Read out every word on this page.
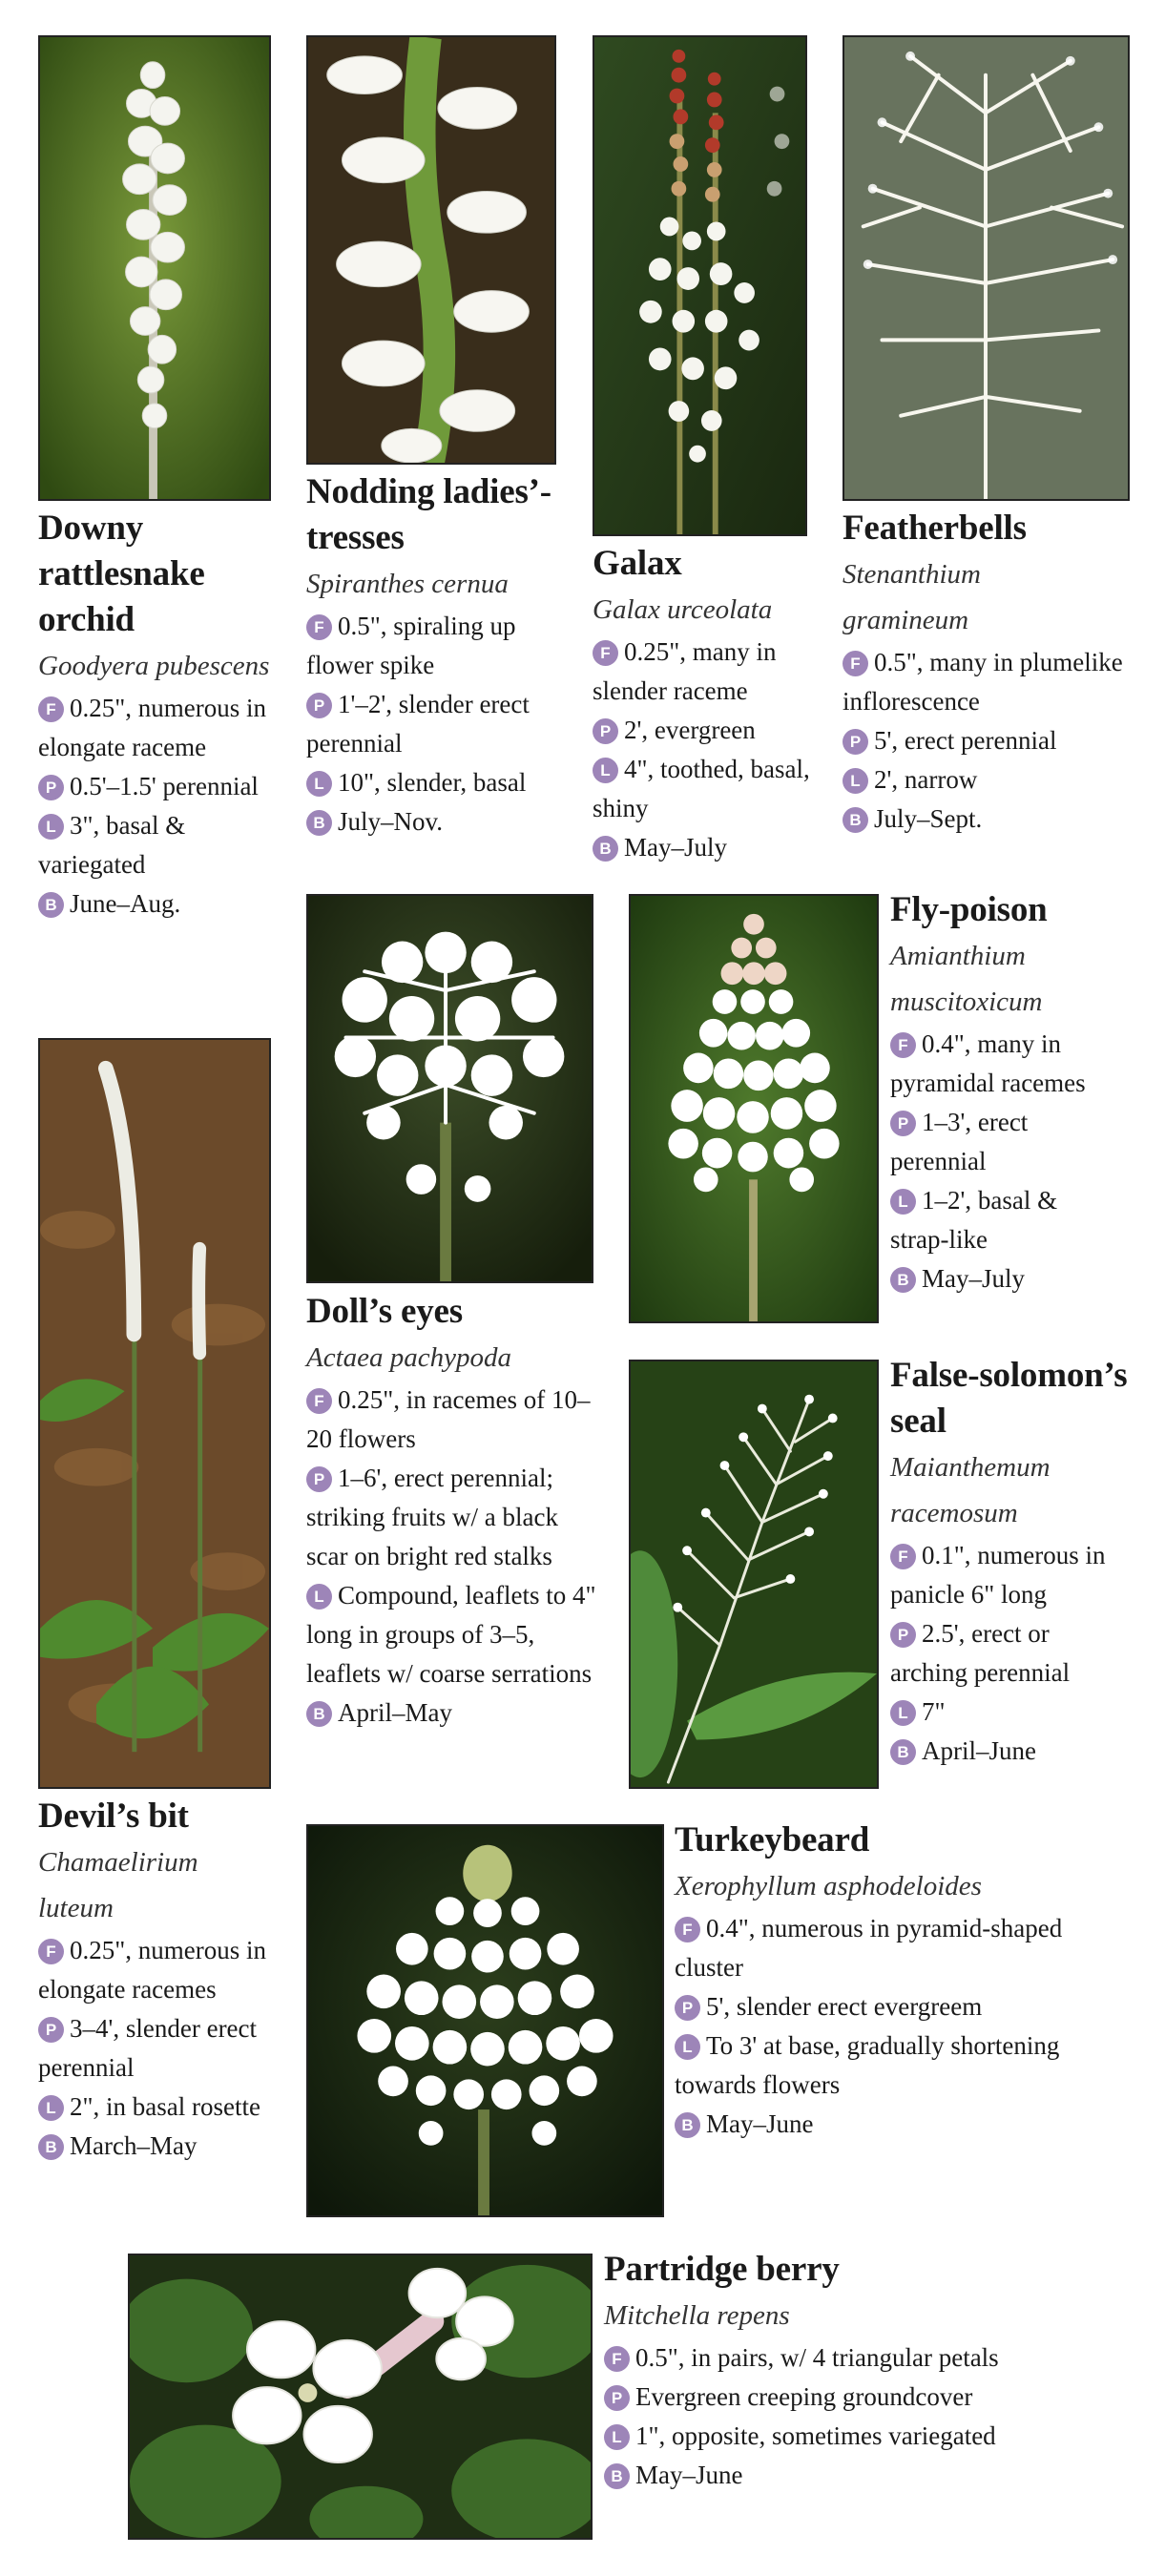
Downy rattlesnake orchid
Goodyera pubescens
F 0.25", numerous in elongate raceme
P 0.5'–1.5' perennial
L 3", basal & variegated
B June–Aug.
Nodding ladies’-tresses
Spiranthes cernua
F 0.5", spiraling up flower spike
P 1'–2', slender erect perennial
L 10", slender, basal
B July–Nov.
Galax
Galax urceolata
F 0.25", many in slender raceme
P 2', evergreen
L 4", toothed, basal, shiny
B May–July
Featherbells
Stenanthium gramineum
F 0.5", many in plumelike inflorescence
P 5', erect perennial
L 2', narrow
B July–Sept.
Doll’s eyes
Actaea pachypoda
F 0.25", in racemes of 10–20 flowers
P 1–6', erect perennial; striking fruits w/ a black scar on bright red stalks
L Compound, leaflets to 4" long in groups of 3–5, leaflets w/ coarse serrations
B April–May
Fly-poison
Amianthium muscitoxicum
F 0.4", many in pyramidal racemes
P 1–3', erect perennial
L 1–2', basal & strap-like
B May–July
False-solomon’s seal
Maianthemum racemosum
F 0.1", numerous in panicle 6" long
P 2.5', erect or arching perennial
L 7"
B April–June
Devil’s bit
Chamaelirium luteum
F 0.25", numerous in elongate racemes
P 3–4', slender erect perennial
L 2", in basal rosette
B March–May
Turkeybeard
Xerophyllum asphodeloides
F 0.4", numerous in pyramid-shaped cluster
P 5', slender erect evergreem
L To 3' at base, gradually shortening towards flowers
B May–June
Partridge berry
Mitchella repens
F 0.5", in pairs, w/ 4 triangular petals
P Evergreen creeping groundcover
L 1", opposite, sometimes variegated
B May–June
